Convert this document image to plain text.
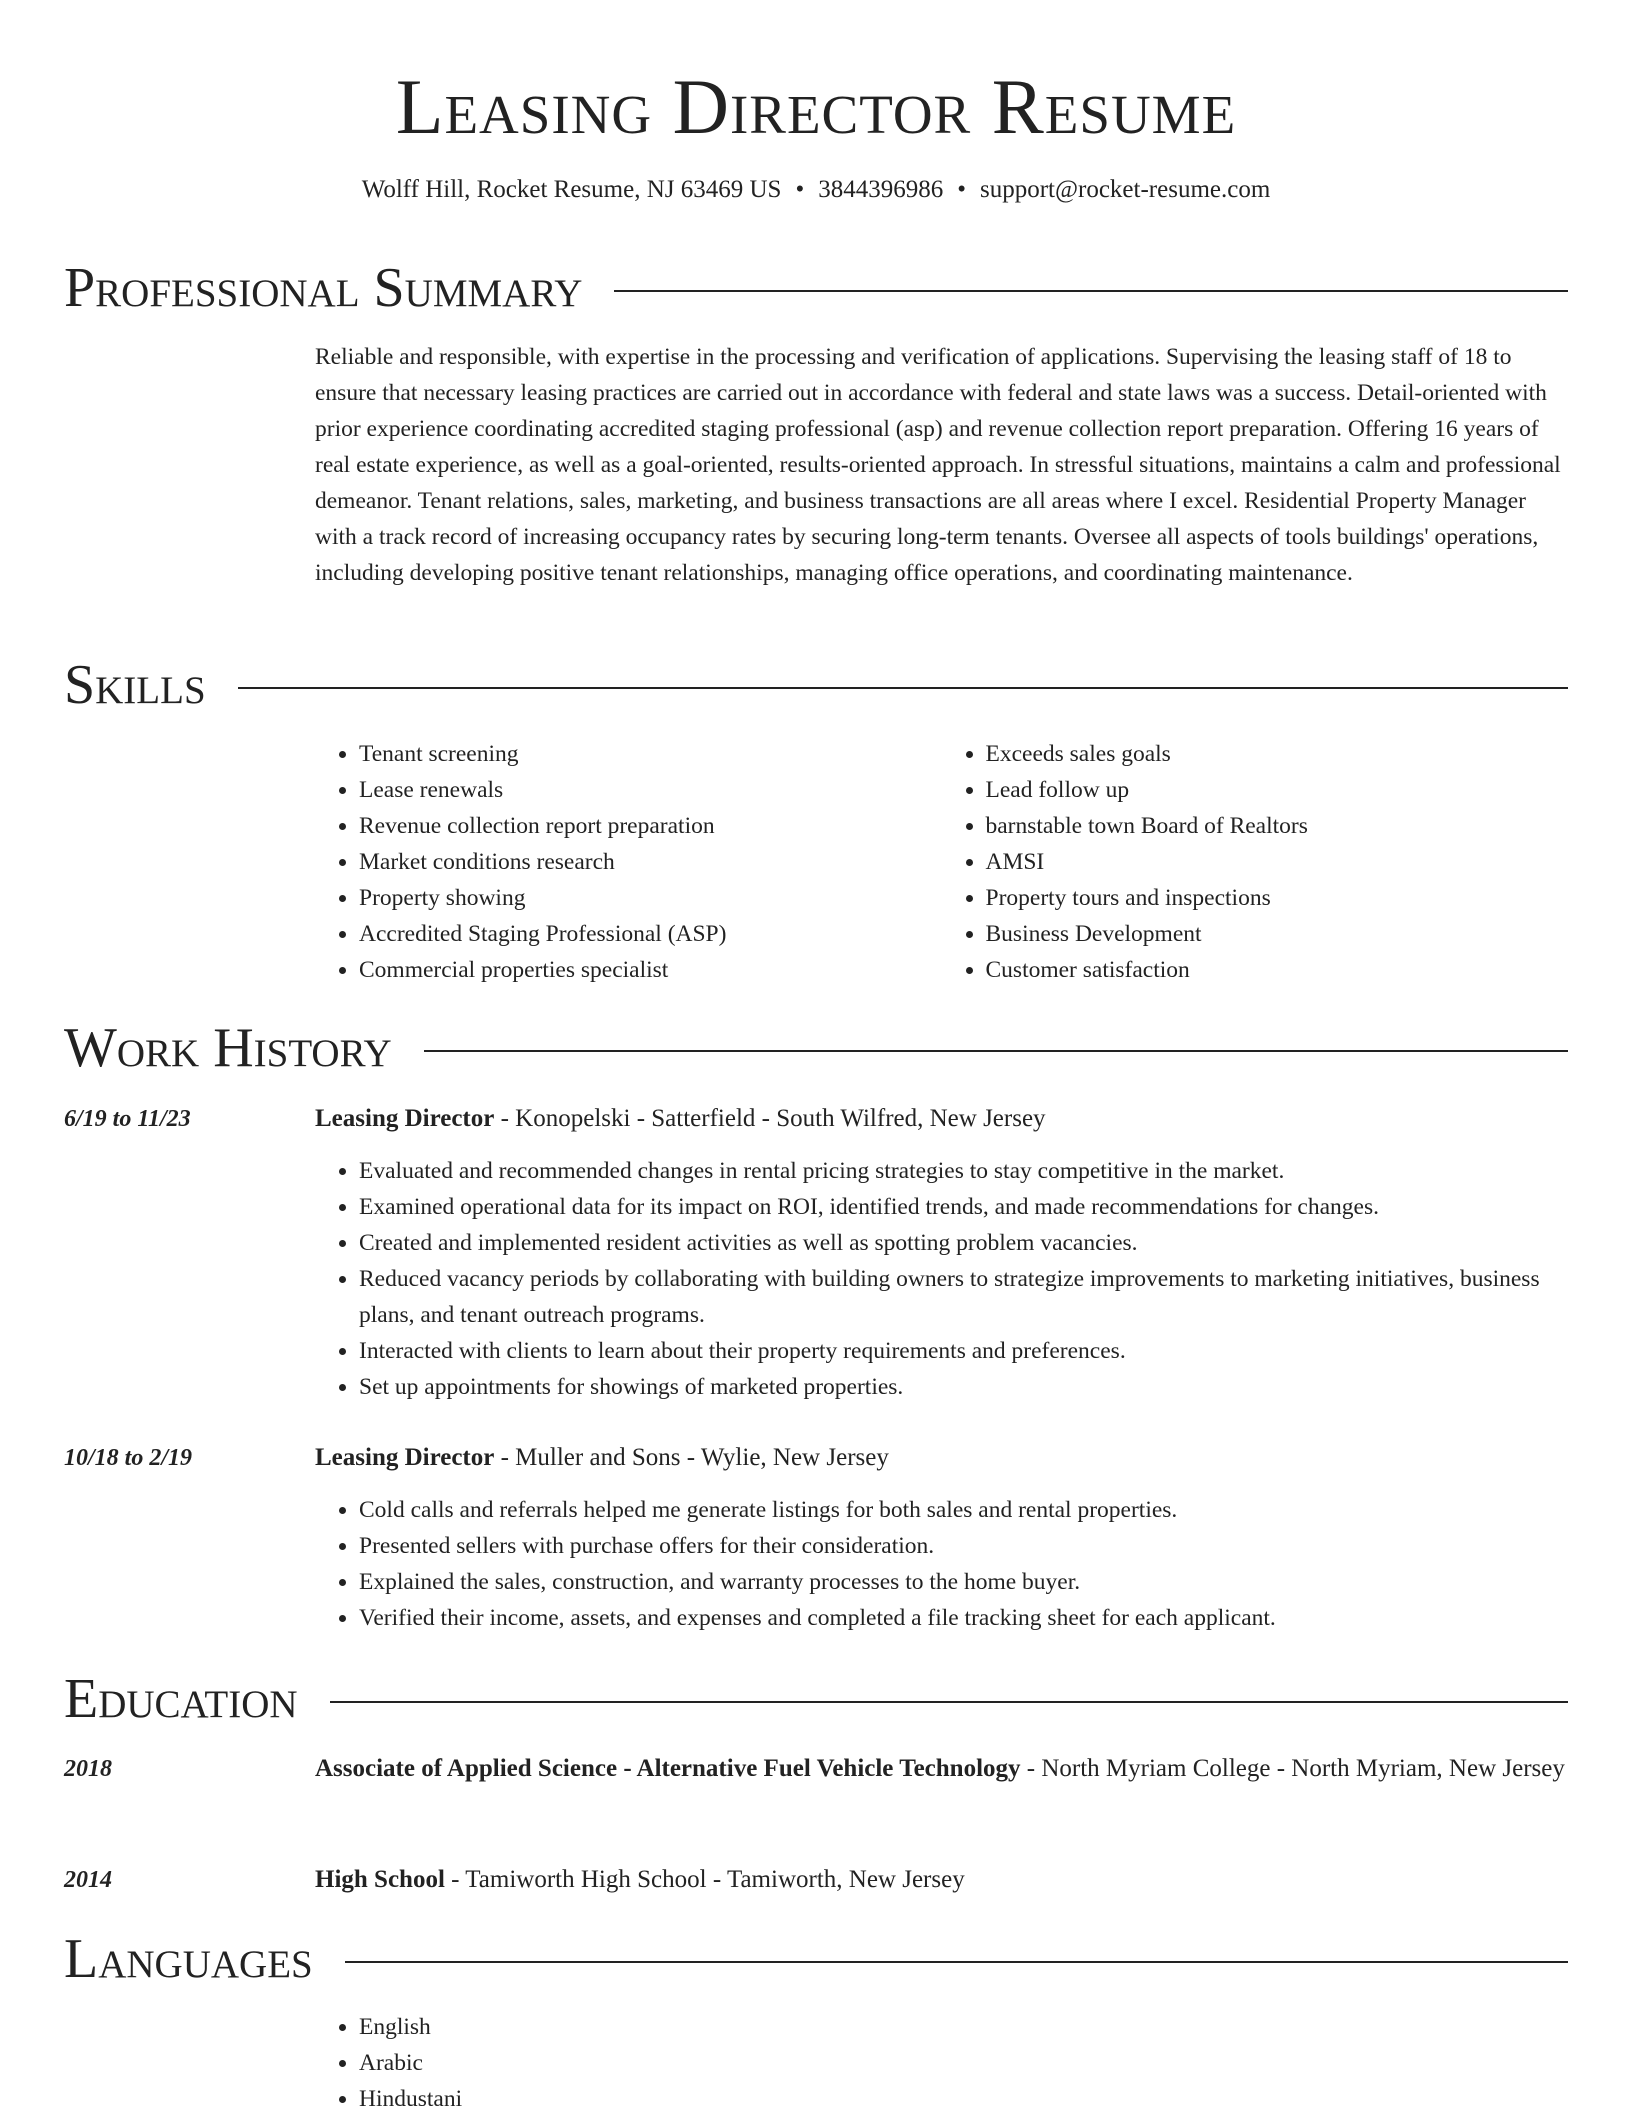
Leasing Director Resume
Wolff Hill, Rocket Resume, NJ 63469 US • 3844396986 • support@rocket-resume.com
Professional Summary

Reliable and responsible, with expertise in the processing and verification of applications. Supervising the leasing staff of 18 to ensure that necessary leasing practices are carried out in accordance with federal and state laws was a success. Detail-oriented with prior experience coordinating accredited staging professional (asp) and revenue collection report preparation. Offering 16 years of real estate experience, as well as a goal-oriented, results-oriented approach. In stressful situations, maintains a calm and professional demeanor. Tenant relations, sales, marketing, and business transactions are all areas where I excel. Residential Property Manager with a track record of increasing occupancy rates by securing long-term tenants. Oversee all aspects of tools buildings' operations, including developing positive tenant relationships, managing office operations, and coordinating maintenance.

Skills
• Tenant screening
• Lease renewals
• Revenue collection report preparation
• Market conditions research
• Property showing
• Accredited Staging Professional (ASP)
• Commercial properties specialist
• Exceeds sales goals
• Lead follow up
• barnstable town Board of Realtors
• AMSI
• Property tours and inspections
• Business Development
• Customer satisfaction
Work History
6/19 to 11/23	Leasing Director - Konopelski - Satterfield - South Wilfred, New Jersey
• Evaluated and recommended changes in rental pricing strategies to stay competitive in the market.
• Examined operational data for its impact on ROI, identified trends, and made recommendations for changes.
• Created and implemented resident activities as well as spotting problem vacancies.
• Reduced vacancy periods by collaborating with building owners to strategize improvements to marketing initiatives, business plans, and tenant outreach programs.
• Interacted with clients to learn about their property requirements and preferences.
• Set up appointments for showings of marketed properties.
10/18 to 2/19	Leasing Director - Muller and Sons - Wylie, New Jersey
• Cold calls and referrals helped me generate listings for both sales and rental properties.
• Presented sellers with purchase offers for their consideration.
• Explained the sales, construction, and warranty processes to the home buyer.
• Verified their income, assets, and expenses and completed a file tracking sheet for each applicant.
Education
2018	Associate of Applied Science - Alternative Fuel Vehicle Technology - North Myriam College - North Myriam, New Jersey
2014	High School - Tamiworth High School - Tamiworth, New Jersey
Languages
• English
• Arabic
• Hindustani
